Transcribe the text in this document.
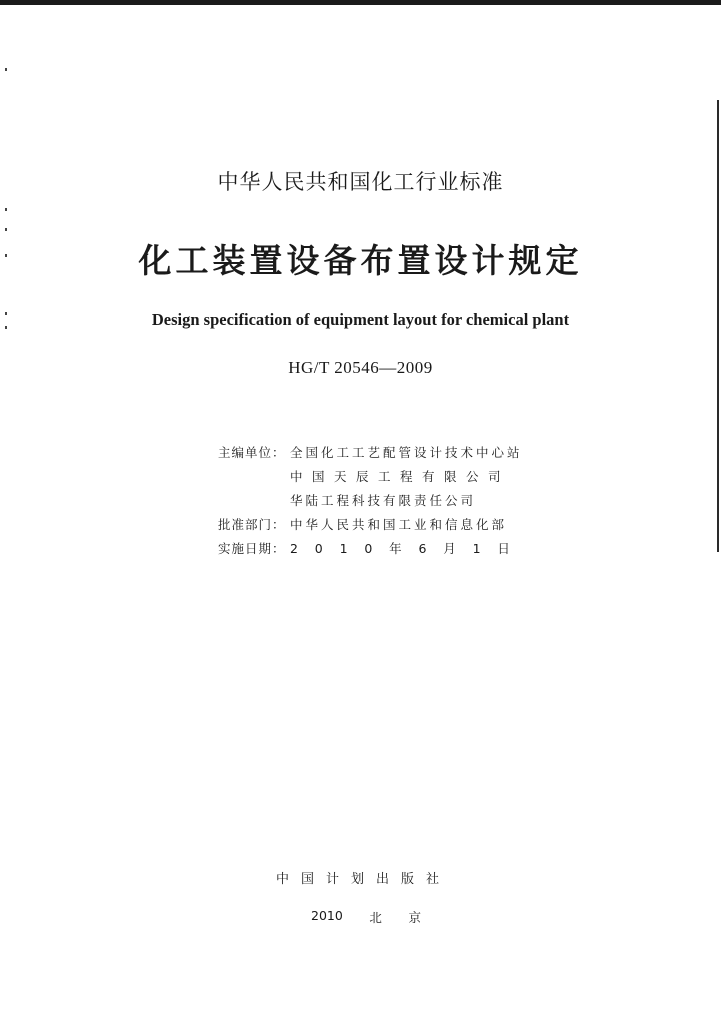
中华人民共和国化工行业标准
化工装置设备布置设计规定
Design specification of equipment layout for chemical plant
HG/T 20546—2009
主编单位： 全国化工工艺配管设计技术中心站
中国天辰工程有限公司
华陆工程科技有限责任公司
批准部门： 中华人民共和国工业和信息化部
实施日期： 2 0 1 0 年 6 月 1 日
中国计划出版社
2010 北 京
